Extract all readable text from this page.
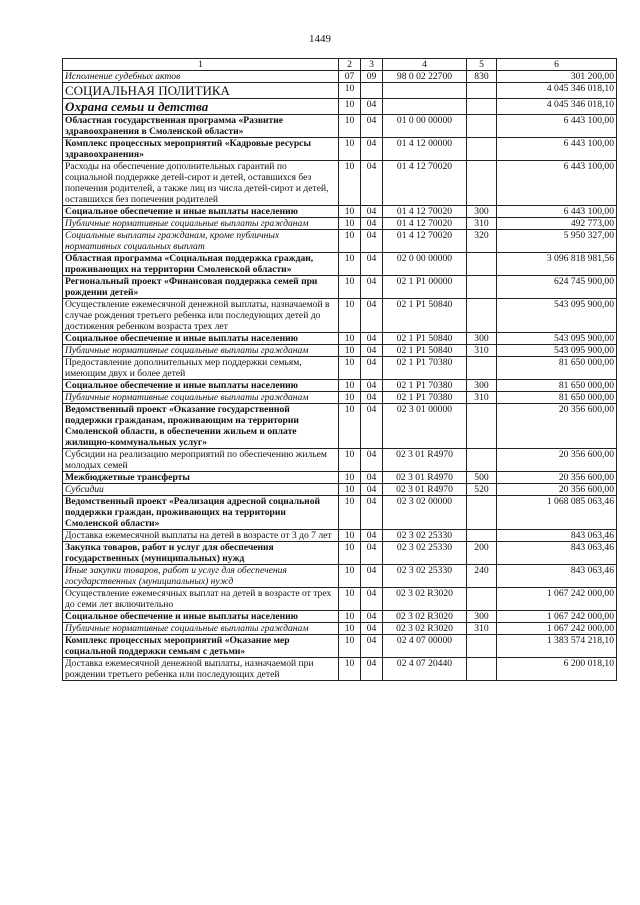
1449
1	2	3	4	5	6
Исполнение судебных актов	07	09	98 0 02 22700	830	301 200,00
СОЦИАЛЬНАЯ ПОЛИТИКА	10				4 045 346 018,10
Охрана семьи и детства	10	04			4 045 346 018,10
Областная государственная программа «Развитие здравоохранения в Смоленской области»	10	04	01 0 00 00000		6 443 100,00
Комплекс процессных мероприятий «Кадровые ресурсы здравоохранения»	10	04	01 4 12 00000		6 443 100,00
Расходы на обеспечение дополнительных гарантий по социальной поддержке детей-сирот и детей, оставшихся без попечения родителей, а также лиц из числа детей-сирот и детей, оставшихся без попечения родителей	10	04	01 4 12 70020		6 443 100,00
Социальное обеспечение и иные выплаты населению	10	04	01 4 12 70020	300	6 443 100,00
Публичные нормативные социальные выплаты гражданам	10	04	01 4 12 70020	310	492 773,00
Социальные выплаты гражданам, кроме публичных нормативных социальных выплат	10	04	01 4 12 70020	320	5 950 327,00
Областная программа «Социальная поддержка граждан, проживающих на территории Смоленской области»	10	04	02 0 00 00000		3 096 818 981,56
Региональный проект «Финансовая поддержка семей при рождении детей»	10	04	02 1 P1 00000		624 745 900,00
Осуществление ежемесячной денежной выплаты, назначаемой в случае рождения третьего ребенка или последующих детей до достижения ребенком возраста трех лет	10	04	02 1 P1 50840		543 095 900,00
Социальное обеспечение и иные выплаты населению	10	04	02 1 P1 50840	300	543 095 900,00
Публичные нормативные социальные выплаты гражданам	10	04	02 1 P1 50840	310	543 095 900,00
Предоставление дополнительных мер поддержки семьям, имеющим двух и более детей	10	04	02 1 P1 70380		81 650 000,00
Социальное обеспечение и иные выплаты населению	10	04	02 1 P1 70380	300	81 650 000,00
Публичные нормативные социальные выплаты гражданам	10	04	02 1 P1 70380	310	81 650 000,00
Ведомственный проект «Оказание государственной поддержки гражданам, проживающим на территории Смоленской области, в обеспечении жильем и оплате жилищно-коммунальных услуг»	10	04	02 3 01 00000		20 356 600,00
Субсидии на реализацию мероприятий по обеспечению жильем молодых семей	10	04	02 3 01 R4970		20 356 600,00
Межбюджетные трансферты	10	04	02 3 01 R4970	500	20 356 600,00
Субсидии	10	04	02 3 01 R4970	520	20 356 600,00
Ведомственный проект «Реализация адресной социальной поддержки граждан, проживающих на территории Смоленской области»	10	04	02 3 02 00000		1 068 085 063,46
Доставка ежемесячной выплаты на детей в возрасте от 3 до 7 лет	10	04	02 3 02 25330		843 063,46
Закупка товаров, работ и услуг для обеспечения государственных (муниципальных) нужд	10	04	02 3 02 25330	200	843 063,46
Иные закупки товаров, работ и услуг для обеспечения государственных (муниципальных) нужд	10	04	02 3 02 25330	240	843 063,46
Осуществление ежемесячных выплат на детей в возрасте от трех до семи лет включительно	10	04	02 3 02 R3020		1 067 242 000,00
Социальное обеспечение и иные выплаты населению	10	04	02 3 02 R3020	300	1 067 242 000,00
Публичные нормативные социальные выплаты гражданам	10	04	02 3 02 R3020	310	1 067 242 000,00
Комплекс процессных мероприятий «Оказание мер социальной поддержки семьям с детьми»	10	04	02 4 07 00000		1 383 574 218,10
Доставка ежемесячной денежной выплаты, назначаемой при рождении третьего ребенка или последующих детей	10	04	02 4 07 20440		6 200 018,10
